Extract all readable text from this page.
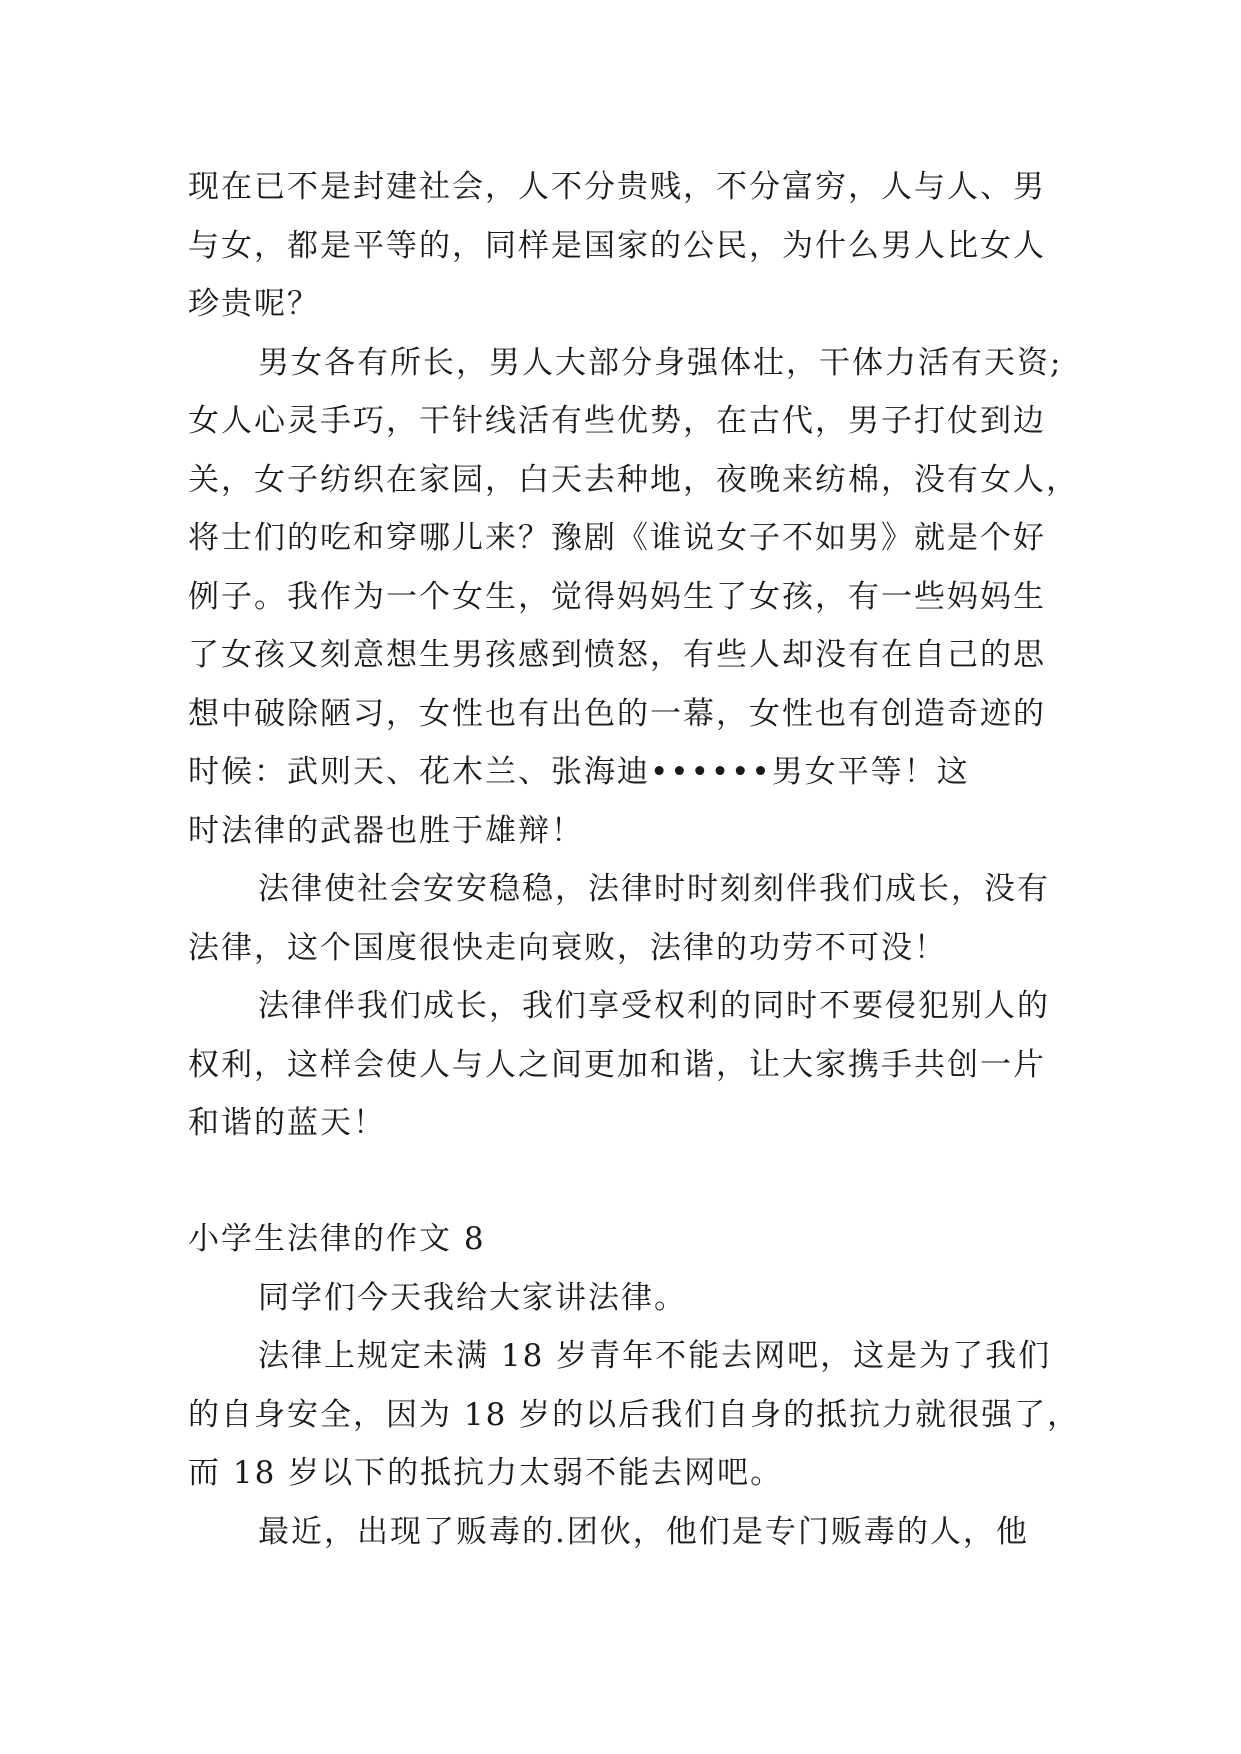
现在已不是封建社会，人不分贵贱，不分富穷，人与人、男
与女，都是平等的，同样是国家的公民，为什么男人比女人
珍贵呢？
男女各有所长，男人大部分身强体壮，干体力活有天资;
女人心灵手巧，干针线活有些优势，在古代，男子打仗到边
关，女子纺织在家园，白天去种地，夜晚来纺棉，没有女人，
将士们的吃和穿哪儿来？豫剧《谁说女子不如男》就是个好
例子。我作为一个女生，觉得妈妈生了女孩，有一些妈妈生
了女孩又刻意想生男孩感到愤怒，有些人却没有在自己的思
想中破除陋习，女性也有出色的一幕，女性也有创造奇迹的
时候：武则天、花木兰、张海迪••••••男女平等！这
时法律的武器也胜于雄辩！
法律使社会安安稳稳，法律时时刻刻伴我们成长，没有
法律，这个国度很快走向衰败，法律的功劳不可没！
法律伴我们成长，我们享受权利的同时不要侵犯别人的
权利，这样会使人与人之间更加和谐，让大家携手共创一片
和谐的蓝天！
小学生法律的作文 8
同学们今天我给大家讲法律。
法律上规定未满 18 岁青年不能去网吧，这是为了我们
的自身安全，因为 18 岁的以后我们自身的抵抗力就很强了，
而 18 岁以下的抵抗力太弱不能去网吧。
最近，出现了贩毒的.团伙，他们是专门贩毒的人，他
